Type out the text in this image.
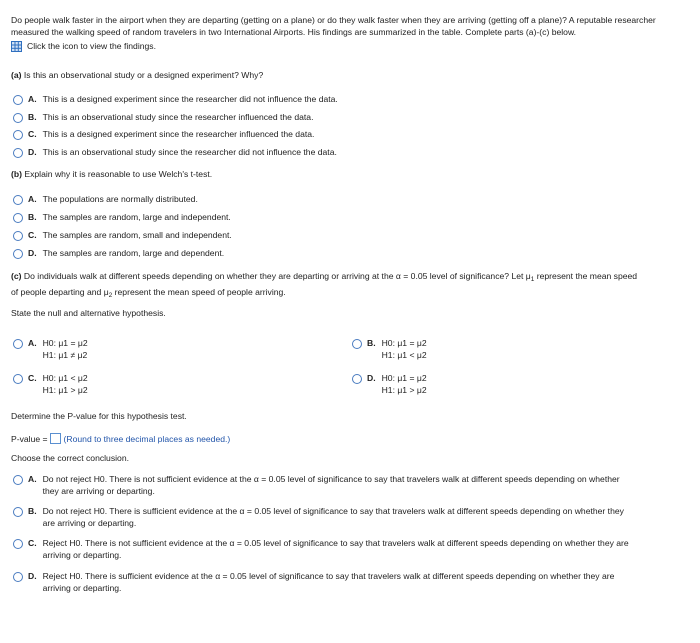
Do people walk faster in the airport when they are departing (getting on a plane) or do they walk faster when they are arriving (getting off a plane)? A reputable researcher measured the walking speed of random travelers in two International Airports. His findings are summarized in the table. Complete parts (a)-(c) below.
Click the icon to view the findings.
(a) Is this an observational study or a designed experiment? Why?
A. This is a designed experiment since the researcher did not influence the data.
B. This is an observational study since the researcher influenced the data.
C. This is a designed experiment since the researcher influenced the data.
D. This is an observational study since the researcher did not influence the data.
(b) Explain why it is reasonable to use Welch's t-test.
A. The populations are normally distributed.
B. The samples are random, large and independent.
C. The samples are random, small and independent.
D. The samples are random, large and dependent.
(c) Do individuals walk at different speeds depending on whether they are departing or arriving at the α = 0.05 level of significance? Let $\mu_1$ represent the mean speed
of people departing and $\mu_2$ represent the mean speed of people arriving.
State the null and alternative hypothesis.
A. H0: μ1 = μ2
H1: μ1 ≠ μ2
B. H0: μ1 = μ2
H1: μ1 < μ2
C. H0: μ1 < μ2
H1: μ1 > μ2
D. H0: μ1 = μ2
H1: μ1 > μ2
Determine the P-value for this hypothesis test.
P-value = (Round to three decimal places as needed.)
Choose the correct conclusion.
A. Do not reject H0. There is not sufficient evidence at the α = 0.05 level of significance to say that travelers walk at different speeds depending on whether
they are arriving or departing.
B. Do not reject H0. There is sufficient evidence at the α = 0.05 level of significance to say that travelers walk at different speeds depending on whether they
are arriving or departing.
C. Reject H0. There is not sufficient evidence at the α = 0.05 level of significance to say that travelers walk at different speeds depending on whether they are
arriving or departing.
D. Reject H0. There is sufficient evidence at the α = 0.05 level of significance to say that travelers walk at different speeds depending on whether they are
arriving or departing.
